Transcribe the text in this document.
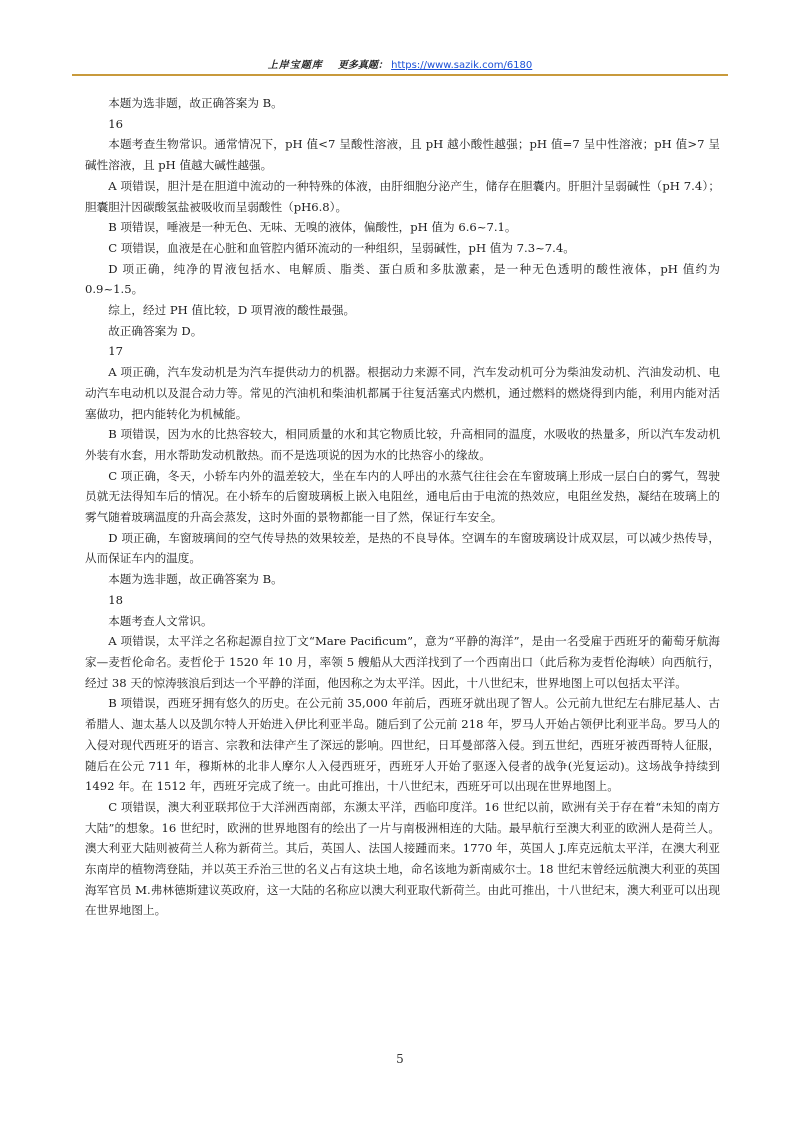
上岸宝题库 更多真题： https://www.sazik.com/6180

本题为选非题，故正确答案为 B。

16

本题考查生物常识。通常情况下，pH 值<7 呈酸性溶液，且 pH 越小酸性越强；pH 值=7 呈中性溶液；pH 值>7 呈碱性溶液，且 pH 值越大碱性越强。

A 项错误，胆汁是在胆道中流动的一种特殊的体液，由肝细胞分泌产生，储存在胆囊内。肝胆汁呈弱碱性（pH 7.4）；胆囊胆汁因碳酸氢盐被吸收而呈弱酸性（pH6.8）。

B 项错误，唾液是一种无色、无味、无嗅的液体，偏酸性，pH 值为 6.6~7.1。

C 项错误，血液是在心脏和血管腔内循环流动的一种组织，呈弱碱性，pH 值为 7.3~7.4。

D 项正确，纯净的胃液包括水、电解质、脂类、蛋白质和多肽激素，是一种无色透明的酸性液体，pH 值约为 0.9~1.5。

综上，经过 PH 值比较，D 项胃液的酸性最强。

故正确答案为 D。

17

A 项正确，汽车发动机是为汽车提供动力的机器。根据动力来源不同，汽车发动机可分为柴油发动机、汽油发动机、电动汽车电动机以及混合动力等。常见的汽油机和柴油机都属于往复活塞式内燃机，通过燃料的燃烧得到内能，利用内能对活塞做功，把内能转化为机械能。

B 项错误，因为水的比热容较大，相同质量的水和其它物质比较，升高相同的温度，水吸收的热量多，所以汽车发动机外装有水套，用水帮助发动机散热。而不是选项说的因为水的比热容小的缘故。

C 项正确，冬天，小轿车内外的温差较大，坐在车内的人呼出的水蒸气往往会在车窗玻璃上形成一层白白的雾气，驾驶员就无法得知车后的情况。在小轿车的后窗玻璃板上嵌入电阻丝，通电后由于电流的热效应，电阻丝发热，凝结在玻璃上的雾气随着玻璃温度的升高会蒸发，这时外面的景物都能一目了然，保证行车安全。

D 项正确，车窗玻璃间的空气传导热的效果较差，是热的不良导体。空调车的车窗玻璃设计成双层，可以减少热传导，从而保证车内的温度。

本题为选非题，故正确答案为 B。

18

本题考查人文常识。

A 项错误，太平洋之名称起源自拉丁文“Mare Pacificum”，意为“平静的海洋”，是由一名受雇于西班牙的葡萄牙航海家—麦哲伦命名。麦哲伦于 1520 年 10 月，率领 5 艘船从大西洋找到了一个西南出口（此后称为麦哲伦海峡）向西航行，经过 38 天的惊涛骇浪后到达一个平静的洋面，他因称之为太平洋。因此，十八世纪末，世界地图上可以包括太平洋。

B 项错误，西班牙拥有悠久的历史。在公元前 35,000 年前后，西班牙就出现了智人。公元前九世纪左右腓尼基人、古希腊人、迦太基人以及凯尔特人开始进入伊比利亚半岛。随后到了公元前 218 年，罗马人开始占领伊比利亚半岛。罗马人的入侵对现代西班牙的语言、宗教和法律产生了深远的影响。四世纪，日耳曼部落入侵。到五世纪，西班牙被西哥特人征服，随后在公元 711 年，穆斯林的北非人摩尔人入侵西班牙，西班牙人开始了驱逐入侵者的战争(光复运动)。这场战争持续到 1492 年。在 1512 年，西班牙完成了统一。由此可推出，十八世纪末，西班牙可以出现在世界地图上。

C 项错误，澳大利亚联邦位于大洋洲西南部，东濒太平洋，西临印度洋。16 世纪以前，欧洲有关于存在着“未知的南方大陆”的想象。16 世纪时，欧洲的世界地图有的绘出了一片与南极洲相连的大陆。最早航行至澳大利亚的欧洲人是荷兰人。澳大利亚大陆则被荷兰人称为新荷兰。其后，英国人、法国人接踵而来。1770 年，英国人 J.库克远航太平洋，在澳大利亚东南岸的植物湾登陆，并以英王乔治三世的名义占有这块土地，命名该地为新南威尔士。18 世纪末曾经远航澳大利亚的英国海军官员 M.弗林德斯建议英政府，这一大陆的名称应以澳大利亚取代新荷兰。由此可推出，十八世纪末，澳大利亚可以出现在世界地图上。

5
